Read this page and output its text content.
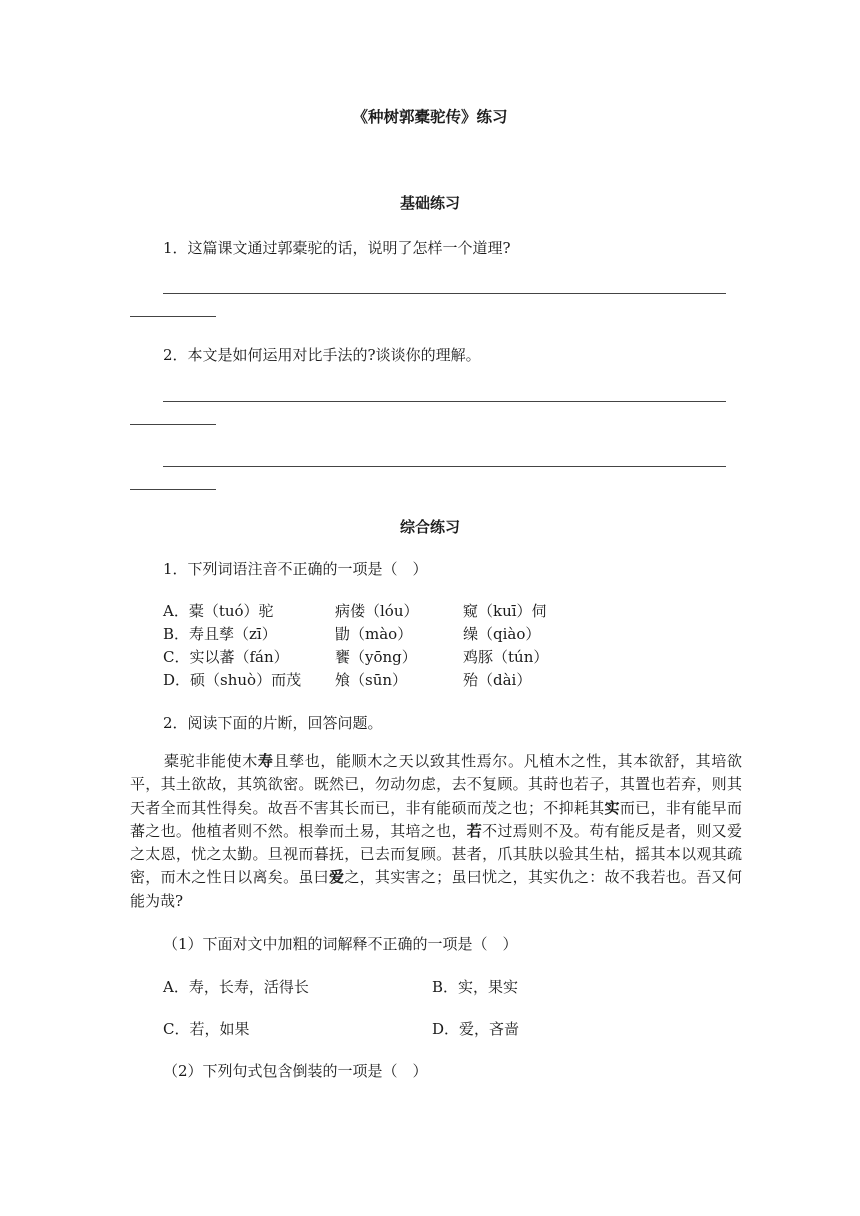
《种树郭橐驼传》练习
基础练习
1．这篇课文通过郭橐驼的话，说明了怎样一个道理?
2．本文是如何运用对比手法的?谈谈你的理解。
综合练习
1．下列词语注音不正确的一项是（　）
A．橐（tuó）驼	病偻（lóu）	窥（kuī）伺
B．寿且孳（zī）	勖（mào）	缲（qiào）
C．实以蕃（fán）	饔（yōng）	鸡豚（tún）
D．硕（shuò）而茂 飧（sūn）	殆（dài）
2．阅读下面的片断，回答问题。
橐驼非能使木寿且孳也，能顺木之天以致其性焉尔。凡植木之性，其本欲舒，其培欲平，其土欲故，其筑欲密。既然已，勿动勿虑，去不复顾。其莳也若子，其置也若弃，则其天者全而其性得矣。故吾不害其长而已，非有能硕而茂之也；不抑耗其实而已，非有能早而蕃之也。他植者则不然。根拳而土易，其培之也，若不过焉则不及。苟有能反是者，则又爱之太恩，忧之太勤。旦视而暮抚，已去而复顾。甚者，爪其肤以验其生枯，摇其本以观其疏密，而木之性日以离矣。虽曰爱之，其实害之；虽曰忧之，其实仇之：故不我若也。吾又何能为哉?
（1）下面对文中加粗的词解释不正确的一项是（　）
A．寿，长寿，活得长	B．实，果实
C．若，如果	D．爱，吝啬
（2）下列句式包含倒装的一项是（　）
